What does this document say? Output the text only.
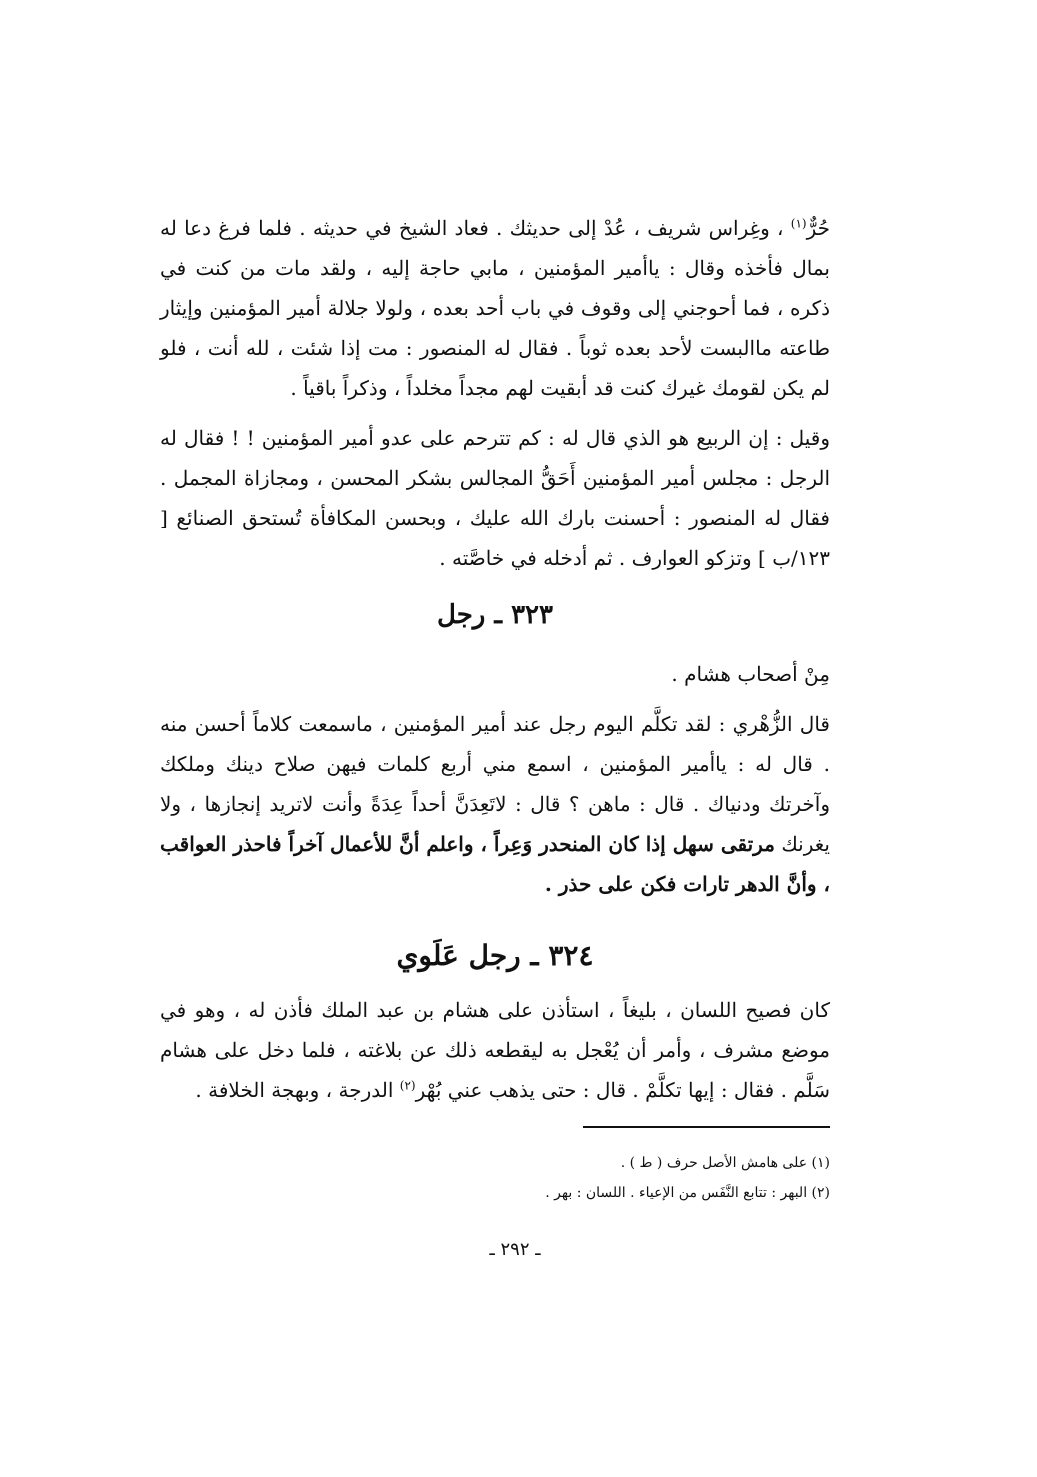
حُرٌّ$^{(١)}$ ، وغِراس شريف ، عُدْ إلى حديثك . فعاد الشيخ في حديثه . فلما فرغ دعا له بمال فأخذه وقال : ياأمير المؤمنين ، مابي حاجة إليه ، ولقد مات من كنت في ذكره ، فما أحوجني إلى وقوف في باب أحد بعده ، ولولا جلالة أمير المؤمنين وإيثار طاعته ماالبست لأحد بعده ثوباً . فقال له المنصور : مت إذا شئت ، لله أنت ، فلو لم يكن لقومك غيرك كنت قد أبقيت لهم مجداً مخلداً ، وذكراً باقياً .

وقيل : إن الربيع هو الذي قال له : كم تترحم على عدو أمير المؤمنين ! ! فقال له الرجل : مجلس أمير المؤمنين أَحَقُّ المجالس بشكر المحسن ، ومجازاة المجمل . فقال له المنصور : أحسنت بارك الله عليك ، وبحسن المكافأة تُستحق الصنائع [ ١٢٣/ب ] وتزكو العوارف . ثم أدخله في خاصَّته .

٣٢٣ ـ رجل

مِنْ أصحاب هشام .

قال الزُّهْري : لقد تكلَّم اليوم رجل عند أمير المؤمنين ، ماسمعت كلاماً أحسن منه . قال له : ياأمير المؤمنين ، اسمع مني أربع كلمات فيهن صلاح دينك وملكك وآخرتك ودنياك . قال : ماهن ؟ قال : لاتَعِدَنَّ أحداً عِدَةً وأنت لاتريد إنجازها ، ولا يغرنك مرتقى سهل إذا كان المنحدر وَعِراً ، واعلم أنَّ للأعمال آخراً فاحذر العواقب ، وأنَّ الدهر تارات فكن على حذر .

٣٢٤ ـ رجل عَلَوي

كان فصيح اللسان ، بليغاً ، استأذن على هشام بن عبد الملك فأذن له ، وهو في موضع مشرف ، وأمر أن يُعْجل به ليقطعه ذلك عن بلاغته ، فلما دخل على هشام سَلَّم . فقال : إيها تكلَّمْ . قال : حتى يذهب عني بُهْر$^{(٢)}$ الدرجة ، وبهجة الخلافة .

(١) على هامش الأصل حرف ( ط ) .
(٢) البهر : تتابع النَّفَس من الإعياء . اللسان : بهر .

ـ ٢٩٢ ـ
